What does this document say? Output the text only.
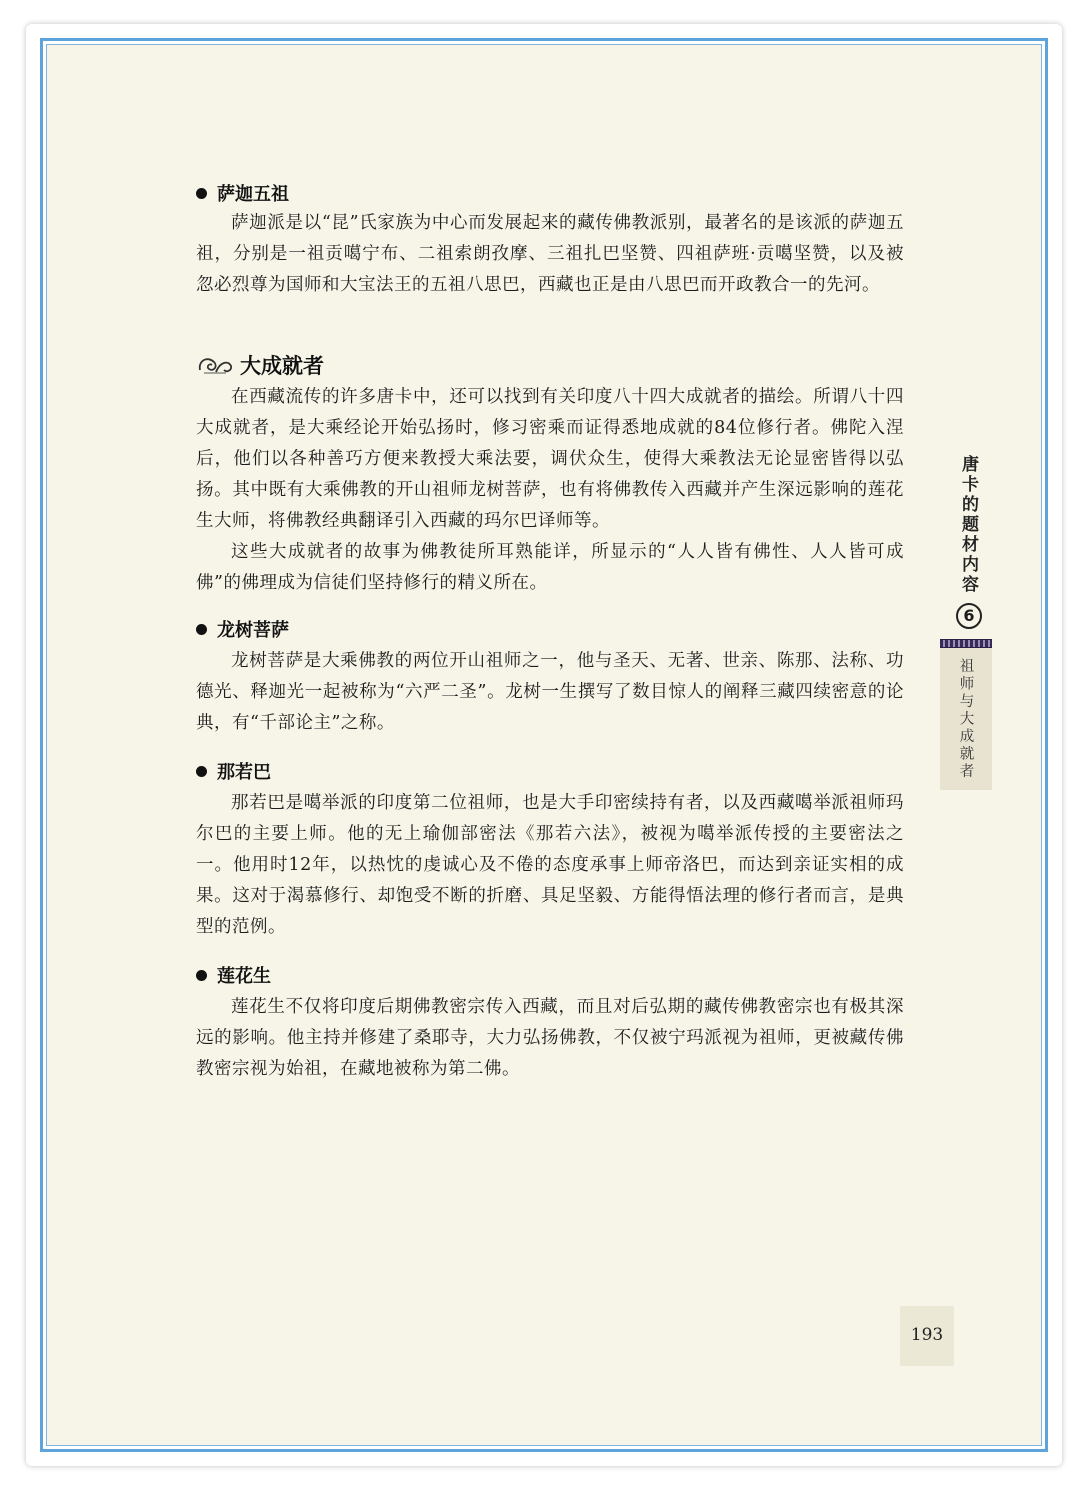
萨迦五祖
萨迦派是以“昆”氏家族为中心而发展起来的藏传佛教派别，最著名的是该派的萨迦五祖，分别是一祖贡噶宁布、二祖索朗孜摩、三祖扎巴坚赞、四祖萨班·贡噶坚赞，以及被忽必烈尊为国师和大宝法王的五祖八思巴，西藏也正是由八思巴而开政教合一的先河。
大成就者
在西藏流传的许多唐卡中，还可以找到有关印度八十四大成就者的描绘。所谓八十四大成就者，是大乘经论开始弘扬时，修习密乘而证得悉地成就的84位修行者。佛陀入涅后，他们以各种善巧方便来教授大乘法要，调伏众生，使得大乘教法无论显密皆得以弘扬。其中既有大乘佛教的开山祖师龙树菩萨，也有将佛教传入西藏并产生深远影响的莲花生大师，将佛教经典翻译引入西藏的玛尔巴译师等。
这些大成就者的故事为佛教徒所耳熟能详，所显示的“人人皆有佛性、人人皆可成佛”的佛理成为信徒们坚持修行的精义所在。
龙树菩萨
龙树菩萨是大乘佛教的两位开山祖师之一，他与圣天、无著、世亲、陈那、法称、功德光、释迦光一起被称为“六严二圣”。龙树一生撰写了数目惊人的阐释三藏四续密意的论典，有“千部论主”之称。
那若巴
那若巴是噶举派的印度第二位祖师，也是大手印密续持有者，以及西藏噶举派祖师玛尔巴的主要上师。他的无上瑜伽部密法《那若六法》，被视为噶举派传授的主要密法之一。他用时12年，以热忱的虔诚心及不倦的态度承事上师帝洛巴，而达到亲证实相的成果。这对于渴慕修行、却饱受不断的折磨、具足坚毅、方能得悟法理的修行者而言，是典型的范例。
莲花生
莲花生不仅将印度后期佛教密宗传入西藏，而且对后弘期的藏传佛教密宗也有极其深远的影响。他主持并修建了桑耶寺，大力弘扬佛教，不仅被宁玛派视为祖师，更被藏传佛教密宗视为始祖，在藏地被称为第二佛。
唐卡的题材内容
6
祖师与大成就者
193
